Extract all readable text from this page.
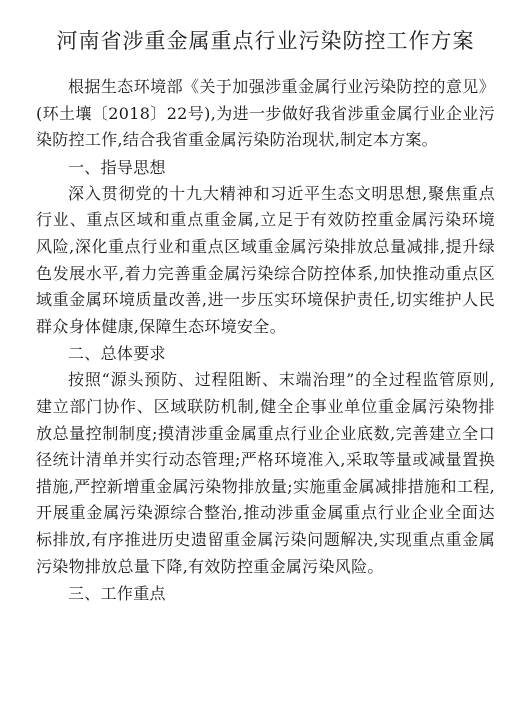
河南省涉重金属重点行业污染防控工作方案

根据生态环境部《关于加强涉重金属行业污染防控的意见》(环土壤〔2018〕22号),为进一步做好我省涉重金属行业企业污染防控工作,结合我省重金属污染防治现状,制定本方案。

一、指导思想

深入贯彻党的十九大精神和习近平生态文明思想,聚焦重点行业、重点区域和重点重金属,立足于有效防控重金属污染环境风险,深化重点行业和重点区域重金属污染排放总量减排,提升绿色发展水平,着力完善重金属污染综合防控体系,加快推动重点区域重金属环境质量改善,进一步压实环境保护责任,切实维护人民群众身体健康,保障生态环境安全。

二、总体要求

按照“源头预防、过程阻断、末端治理”的全过程监管原则,建立部门协作、区域联防机制,健全企事业单位重金属污染物排放总量控制制度;摸清涉重金属重点行业企业底数,完善建立全口径统计清单并实行动态管理;严格环境准入,采取等量或减量置换措施,严控新增重金属污染物排放量;实施重金属减排措施和工程,开展重金属污染源综合整治,推动涉重金属重点行业企业全面达标排放,有序推进历史遗留重金属污染问题解决,实现重点重金属污染物排放总量下降,有效防控重金属污染风险。

三、工作重点
